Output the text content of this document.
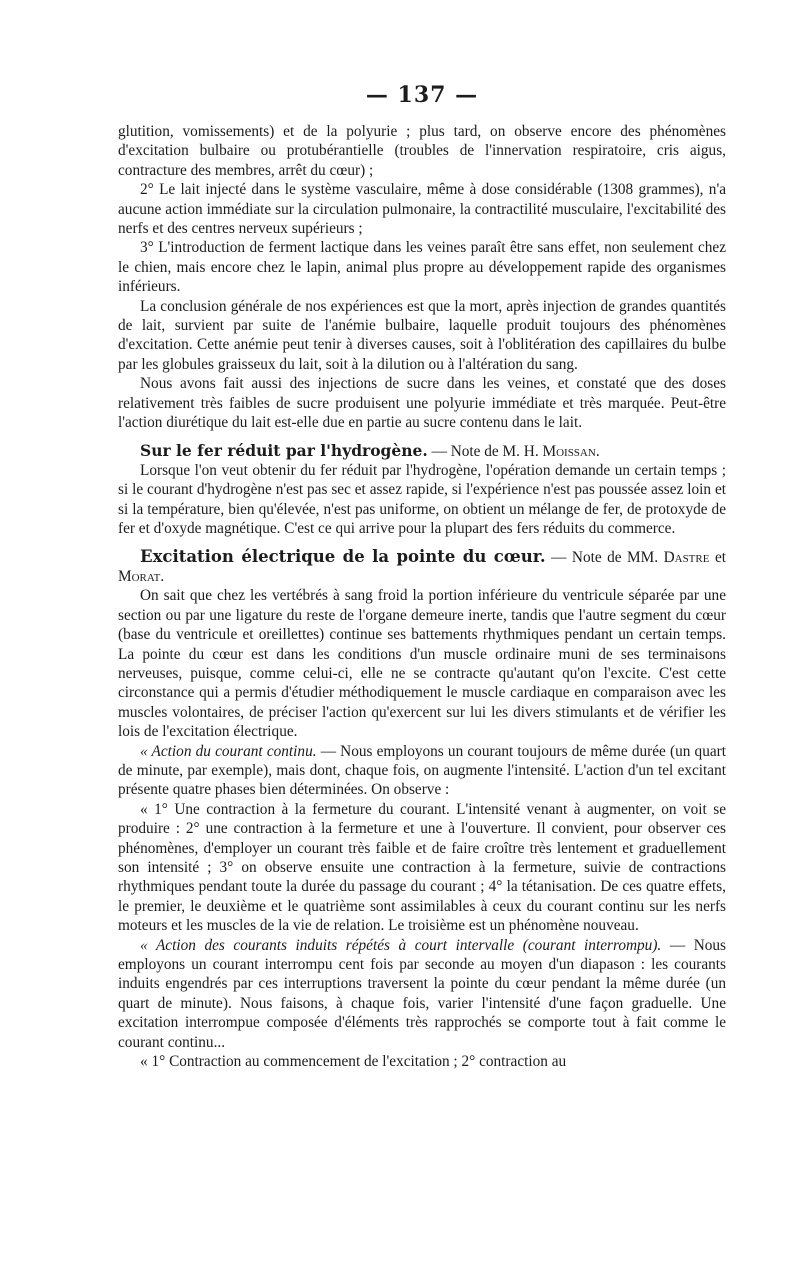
— 137 —

glutition, vomissements) et de la polyurie ; plus tard, on observe encore des phénomènes d'excitation bulbaire ou protubérantielle (troubles de l'innervation respiratoire, cris aigus, contracture des membres, arrêt du cœur) ;

2° Le lait injecté dans le système vasculaire, même à dose considérable (1308 grammes), n'a aucune action immédiate sur la circulation pulmonaire, la contractilité musculaire, l'excitabilité des nerfs et des centres nerveux supérieurs ;

3° L'introduction de ferment lactique dans les veines paraît être sans effet, non seulement chez le chien, mais encore chez le lapin, animal plus propre au développement rapide des organismes inférieurs.

La conclusion générale de nos expériences est que la mort, après injection de grandes quantités de lait, survient par suite de l'anémie bulbaire, laquelle produit toujours des phénomènes d'excitation. Cette anémie peut tenir à diverses causes, soit à l'oblitération des capillaires du bulbe par les globules graisseux du lait, soit à la dilution ou à l'altération du sang.

Nous avons fait aussi des injections de sucre dans les veines, et constaté que des doses relativement très faibles de sucre produisent une polyurie immédiate et très marquée. Peut-être l'action diurétique du lait est-elle due en partie au sucre contenu dans le lait.

Sur le fer réduit par l'hydrogène. — Note de M. H. Moissan.

Lorsque l'on veut obtenir du fer réduit par l'hydrogène, l'opération demande un certain temps ; si le courant d'hydrogène n'est pas sec et assez rapide, si l'expérience n'est pas poussée assez loin et si la température, bien qu'élevée, n'est pas uniforme, on obtient un mélange de fer, de protoxyde de fer et d'oxyde magnétique. C'est ce qui arrive pour la plupart des fers réduits du commerce.

Excitation électrique de la pointe du cœur. — Note de MM. Dastre et Morat.

On sait que chez les vertébrés à sang froid la portion inférieure du ventricule séparée par une section ou par une ligature du reste de l'organe demeure inerte, tandis que l'autre segment du cœur (base du ventricule et oreillettes) continue ses battements rhythmiques pendant un certain temps. La pointe du cœur est dans les conditions d'un muscle ordinaire muni de ses terminaisons nerveuses, puisque, comme celui-ci, elle ne se contracte qu'autant qu'on l'excite. C'est cette circonstance qui a permis d'étudier méthodiquement le muscle cardiaque en comparaison avec les muscles volontaires, de préciser l'action qu'exercent sur lui les divers stimulants et de vérifier les lois de l'excitation électrique.

« Action du courant continu. — Nous employons un courant toujours de même durée (un quart de minute, par exemple), mais dont, chaque fois, on augmente l'intensité. L'action d'un tel excitant présente quatre phases bien déterminées. On observe :

« 1° Une contraction à la fermeture du courant. L'intensité venant à augmenter, on voit se produire : 2° une contraction à la fermeture et une à l'ouverture. Il convient, pour observer ces phénomènes, d'employer un courant très faible et de faire croître très lentement et graduellement son intensité ; 3° on observe ensuite une contraction à la fermeture, suivie de contractions rhythmiques pendant toute la durée du passage du courant ; 4° la tétanisation. De ces quatre effets, le premier, le deuxième et le quatrième sont assimilables à ceux du courant continu sur les nerfs moteurs et les muscles de la vie de relation. Le troisième est un phénomène nouveau.

« Action des courants induits répétés à court intervalle (courant interrompu). — Nous employons un courant interrompu cent fois par seconde au moyen d'un diapason : les courants induits engendrés par ces interruptions traversent la pointe du cœur pendant la même durée (un quart de minute). Nous faisons, à chaque fois, varier l'intensité d'une façon graduelle. Une excitation interrompue composée d'éléments très rapprochés se comporte tout à fait comme le courant continu...

« 1° Contraction au commencement de l'excitation ; 2° contraction au
